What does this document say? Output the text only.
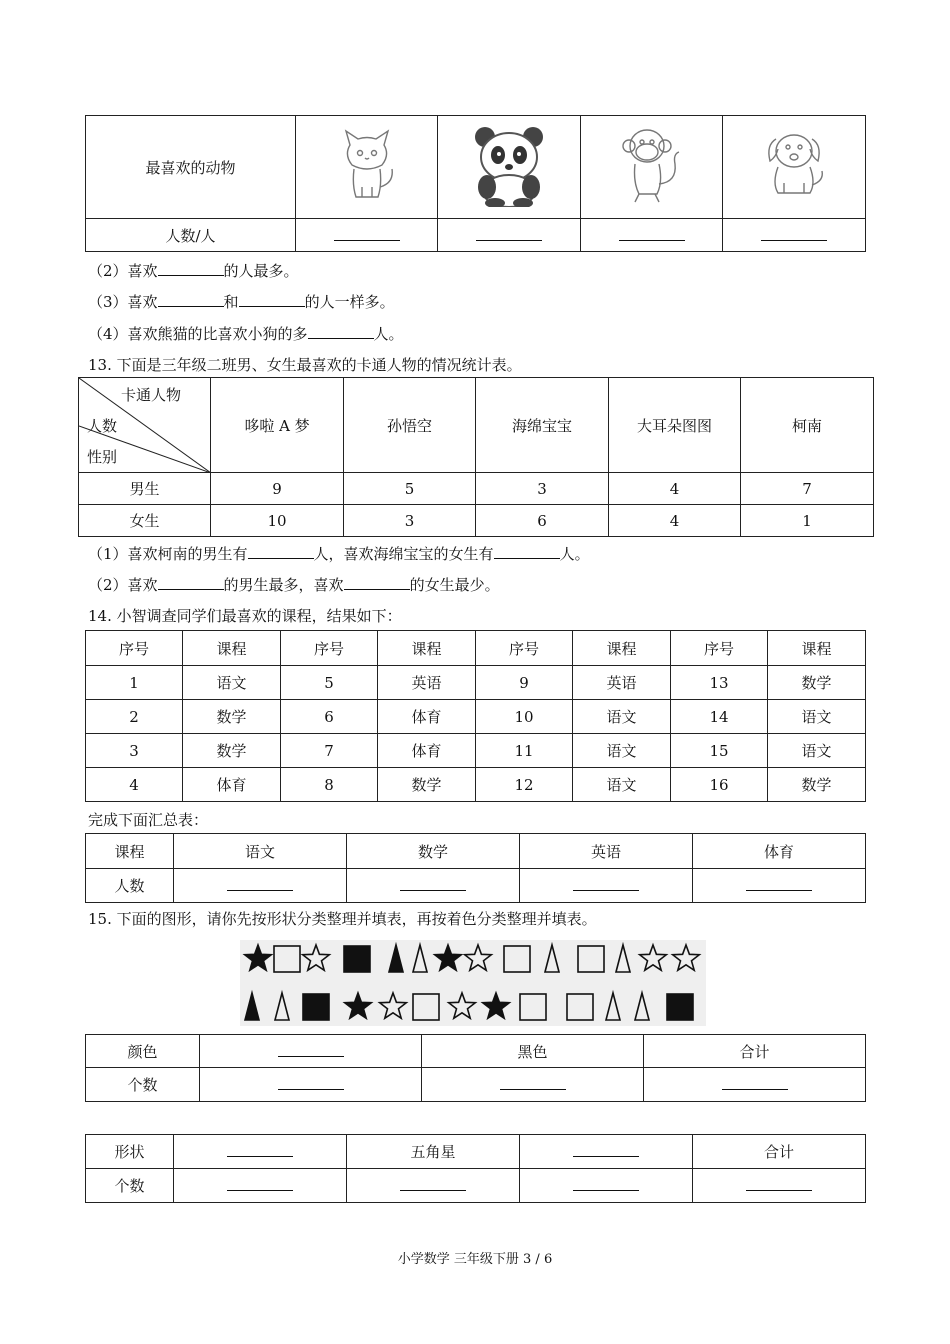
最喜欢的动物				
人数/人				
（2）喜欢	的人最多。
（3）喜欢	和	的人一样多。
（4）喜欢熊猫的比喜欢小狗的多	人。
13. 下面是三年级二班男、女生最喜欢的卡通人物的情况统计表。
卡通人物
人数
性别	哆啦 A 梦	孙悟空	海绵宝宝	大耳朵图图	柯南
男生	9	5	3	4	7
女生	10	3	6	4	1
（1）喜欢柯南的男生有	人，喜欢海绵宝宝的女生有	人。
（2）喜欢	的男生最多，喜欢	的女生最少。
14. 小智调查同学们最喜欢的课程，结果如下：
序号	课程	序号	课程	序号	课程	序号	课程
1	语文	5	英语	9	英语	13	数学
2	数学	6	体育	10	语文	14	语文
3	数学	7	体育	11	语文	15	语文
4	体育	8	数学	12	语文	16	数学
完成下面汇总表：
课程	语文	数学	英语	体育
人数				
15. 下面的图形，请你先按形状分类整理并填表，再按着色分类整理并填表。
颜色		黑色	合计
个数			
形状		五角星		合计
个数				
小学数学 三年级下册 3 / 6
